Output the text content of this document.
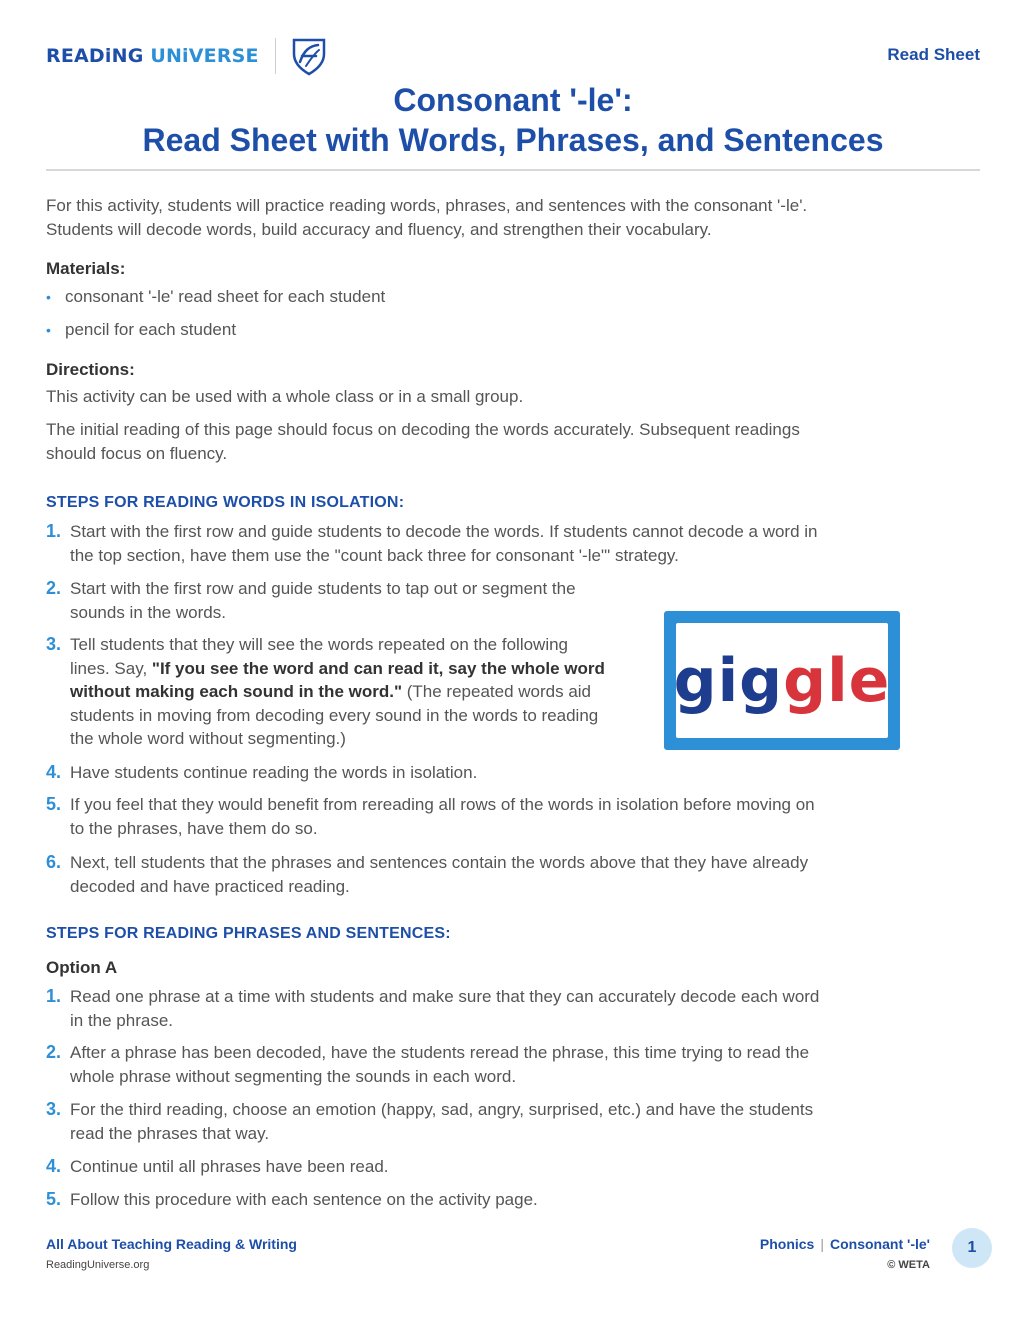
READiNG UNiVERSE	Read Sheet
Consonant '-le':
Read Sheet with Words, Phrases, and Sentences
For this activity, students will practice reading words, phrases, and sentences with the consonant '-le'.
Students will decode words, build accuracy and fluency, and strengthen their vocabulary.
Materials:
• consonant '-le' read sheet for each student
• pencil for each student
Directions:
This activity can be used with a whole class or in a small group.
The initial reading of this page should focus on decoding the words accurately. Subsequent readings
should focus on fluency.
STEPS FOR READING WORDS IN ISOLATION:
1. Start with the first row and guide students to decode the words. If students cannot decode a word in
the top section, have them use the "count back three for consonant '-le'" strategy.
2. Start with the first row and guide students to tap out or segment the
sounds in the words.
3. Tell students that they will see the words repeated on the following
lines. Say, "If you see the word and can read it, say the whole word
without making each sound in the word." (The repeated words aid
students in moving from decoding every sound in the words to reading
the whole word without segmenting.)
4. Have students continue reading the words in isolation.
5. If you feel that they would benefit from rereading all rows of the words in isolation before moving on
to the phrases, have them do so.
6. Next, tell students that the phrases and sentences contain the words above that they have already
decoded and have practiced reading.
giggle
STEPS FOR READING PHRASES AND SENTENCES:
Option A
1. Read one phrase at a time with students and make sure that they can accurately decode each word
in the phrase.
2. After a phrase has been decoded, have the students reread the phrase, this time trying to read the
whole phrase without segmenting the sounds in each word.
3. For the third reading, choose an emotion (happy, sad, angry, surprised, etc.) and have the students
read the phrases that way.
4. Continue until all phrases have been read.
5. Follow this procedure with each sentence on the activity page.
All About Teaching Reading & Writing
ReadingUniverse.org
Phonics | Consonant '-le'
© WETA
1
